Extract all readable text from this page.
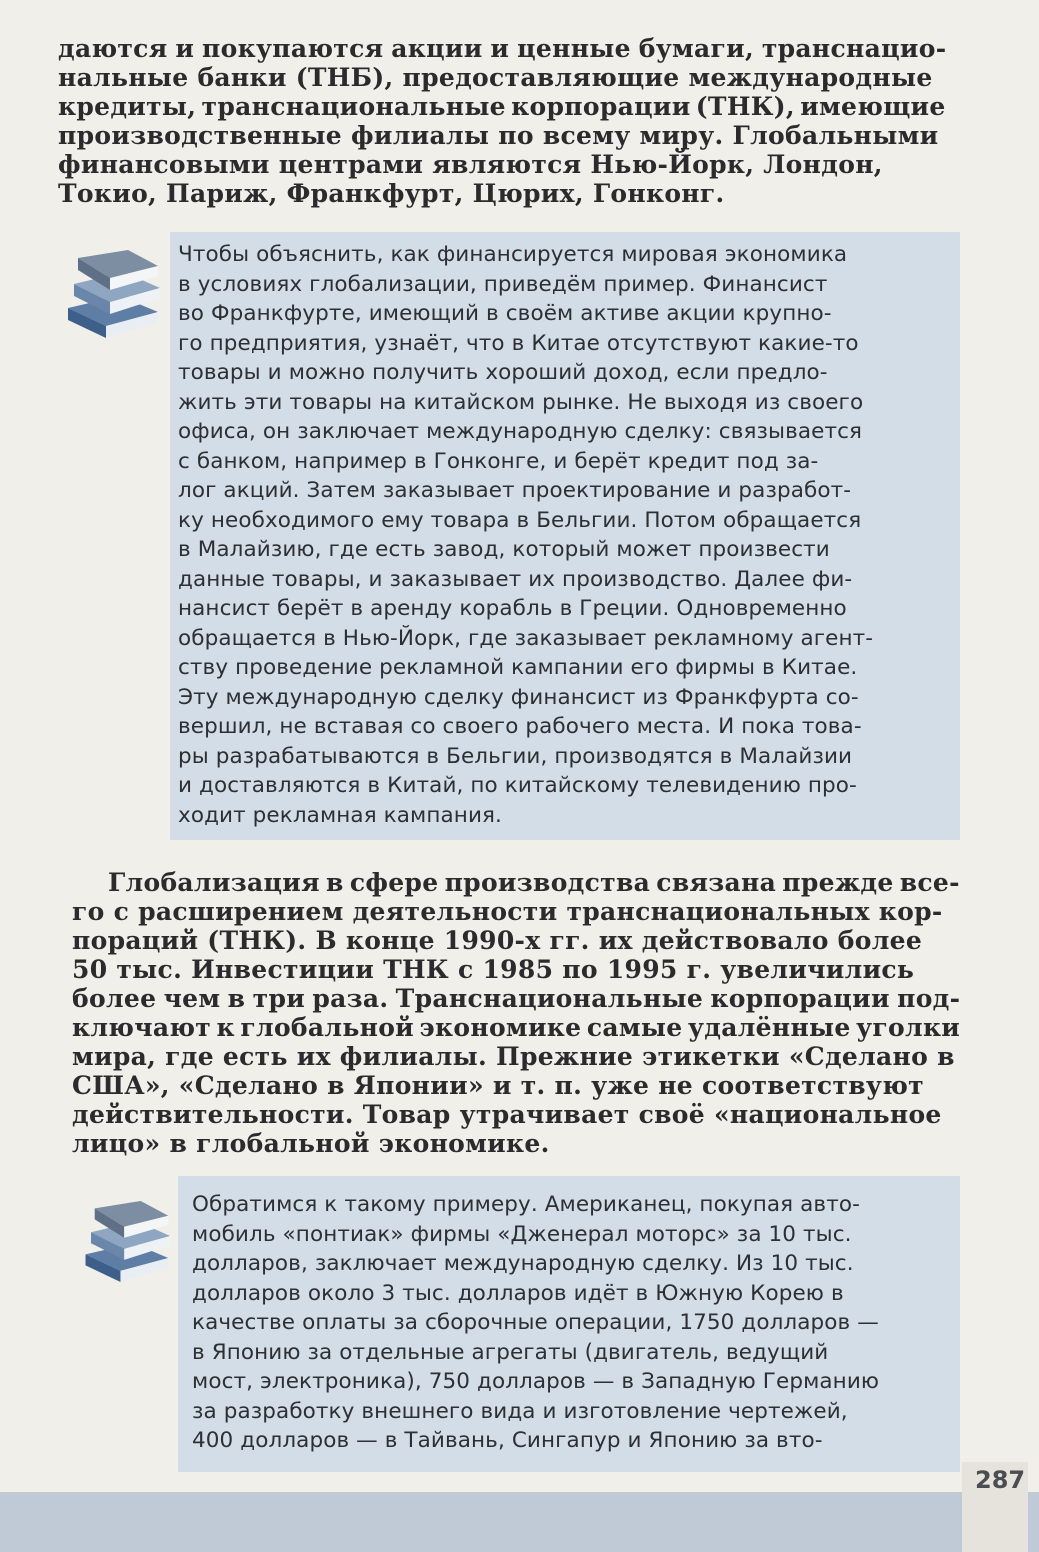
даются и покупаются акции и ценные бумаги, транснацио-
нальные банки (ТНБ), предоставляющие международные
кредиты, транснациональные корпорации (ТНК), имеющие
производственные филиалы по всему миру. Глобальными
финансовыми центрами являются Нью-Йорк, Лондон,
Токио, Париж, Франкфурт, Цюрих, Гонконг.
Чтобы объяснить, как финансируется мировая экономика
в условиях глобализации, приведём пример. Финансист
во Франкфурте, имеющий в своём активе акции крупно-
го предприятия, узнаёт, что в Китае отсутствуют какие-то
товары и можно получить хороший доход, если предло-
жить эти товары на китайском рынке. Не выходя из своего
офиса, он заключает международную сделку: связывается
с банком, например в Гонконге, и берёт кредит под за-
лог акций. Затем заказывает проектирование и разработ-
ку необходимого ему товара в Бельгии. Потом обращается
в Малайзию, где есть завод, который может произвести
данные товары, и заказывает их производство. Далее фи-
нансист берёт в аренду корабль в Греции. Одновременно
обращается в Нью-Йорк, где заказывает рекламному агент-
ству проведение рекламной кампании его фирмы в Китае.
Эту международную сделку финансист из Франкфурта со-
вершил, не вставая со своего рабочего места. И пока това-
ры разрабатываются в Бельгии, производятся в Малайзии
и доставляются в Китай, по китайскому телевидению про-
ходит рекламная кампания.
Глобализация в сфере производства связана прежде все-
го с расширением деятельности транснациональных кор-
пораций (ТНК). В конце 1990-х гг. их действовало более
50 тыс. Инвестиции ТНК с 1985 по 1995 г. увеличились
более чем в три раза. Транснациональные корпорации под-
ключают к глобальной экономике самые удалённые уголки
мира, где есть их филиалы. Прежние этикетки «Сделано в
США», «Сделано в Японии» и т. п. уже не соответствуют
действительности. Товар утрачивает своё «национальное
лицо» в глобальной экономике.
Обратимся к такому примеру. Американец, покупая авто-
мобиль «понтиак» фирмы «Дженерал моторс» за 10 тыс.
долларов, заключает международную сделку. Из 10 тыс.
долларов около 3 тыс. долларов идёт в Южную Корею в
качестве оплаты за сборочные операции, 1750 долларов —
в Японию за отдельные агрегаты (двигатель, ведущий
мост, электроника), 750 долларов — в Западную Германию
за разработку внешнего вида и изготовление чертежей,
400 долларов — в Тайвань, Сингапур и Японию за вто-
287
